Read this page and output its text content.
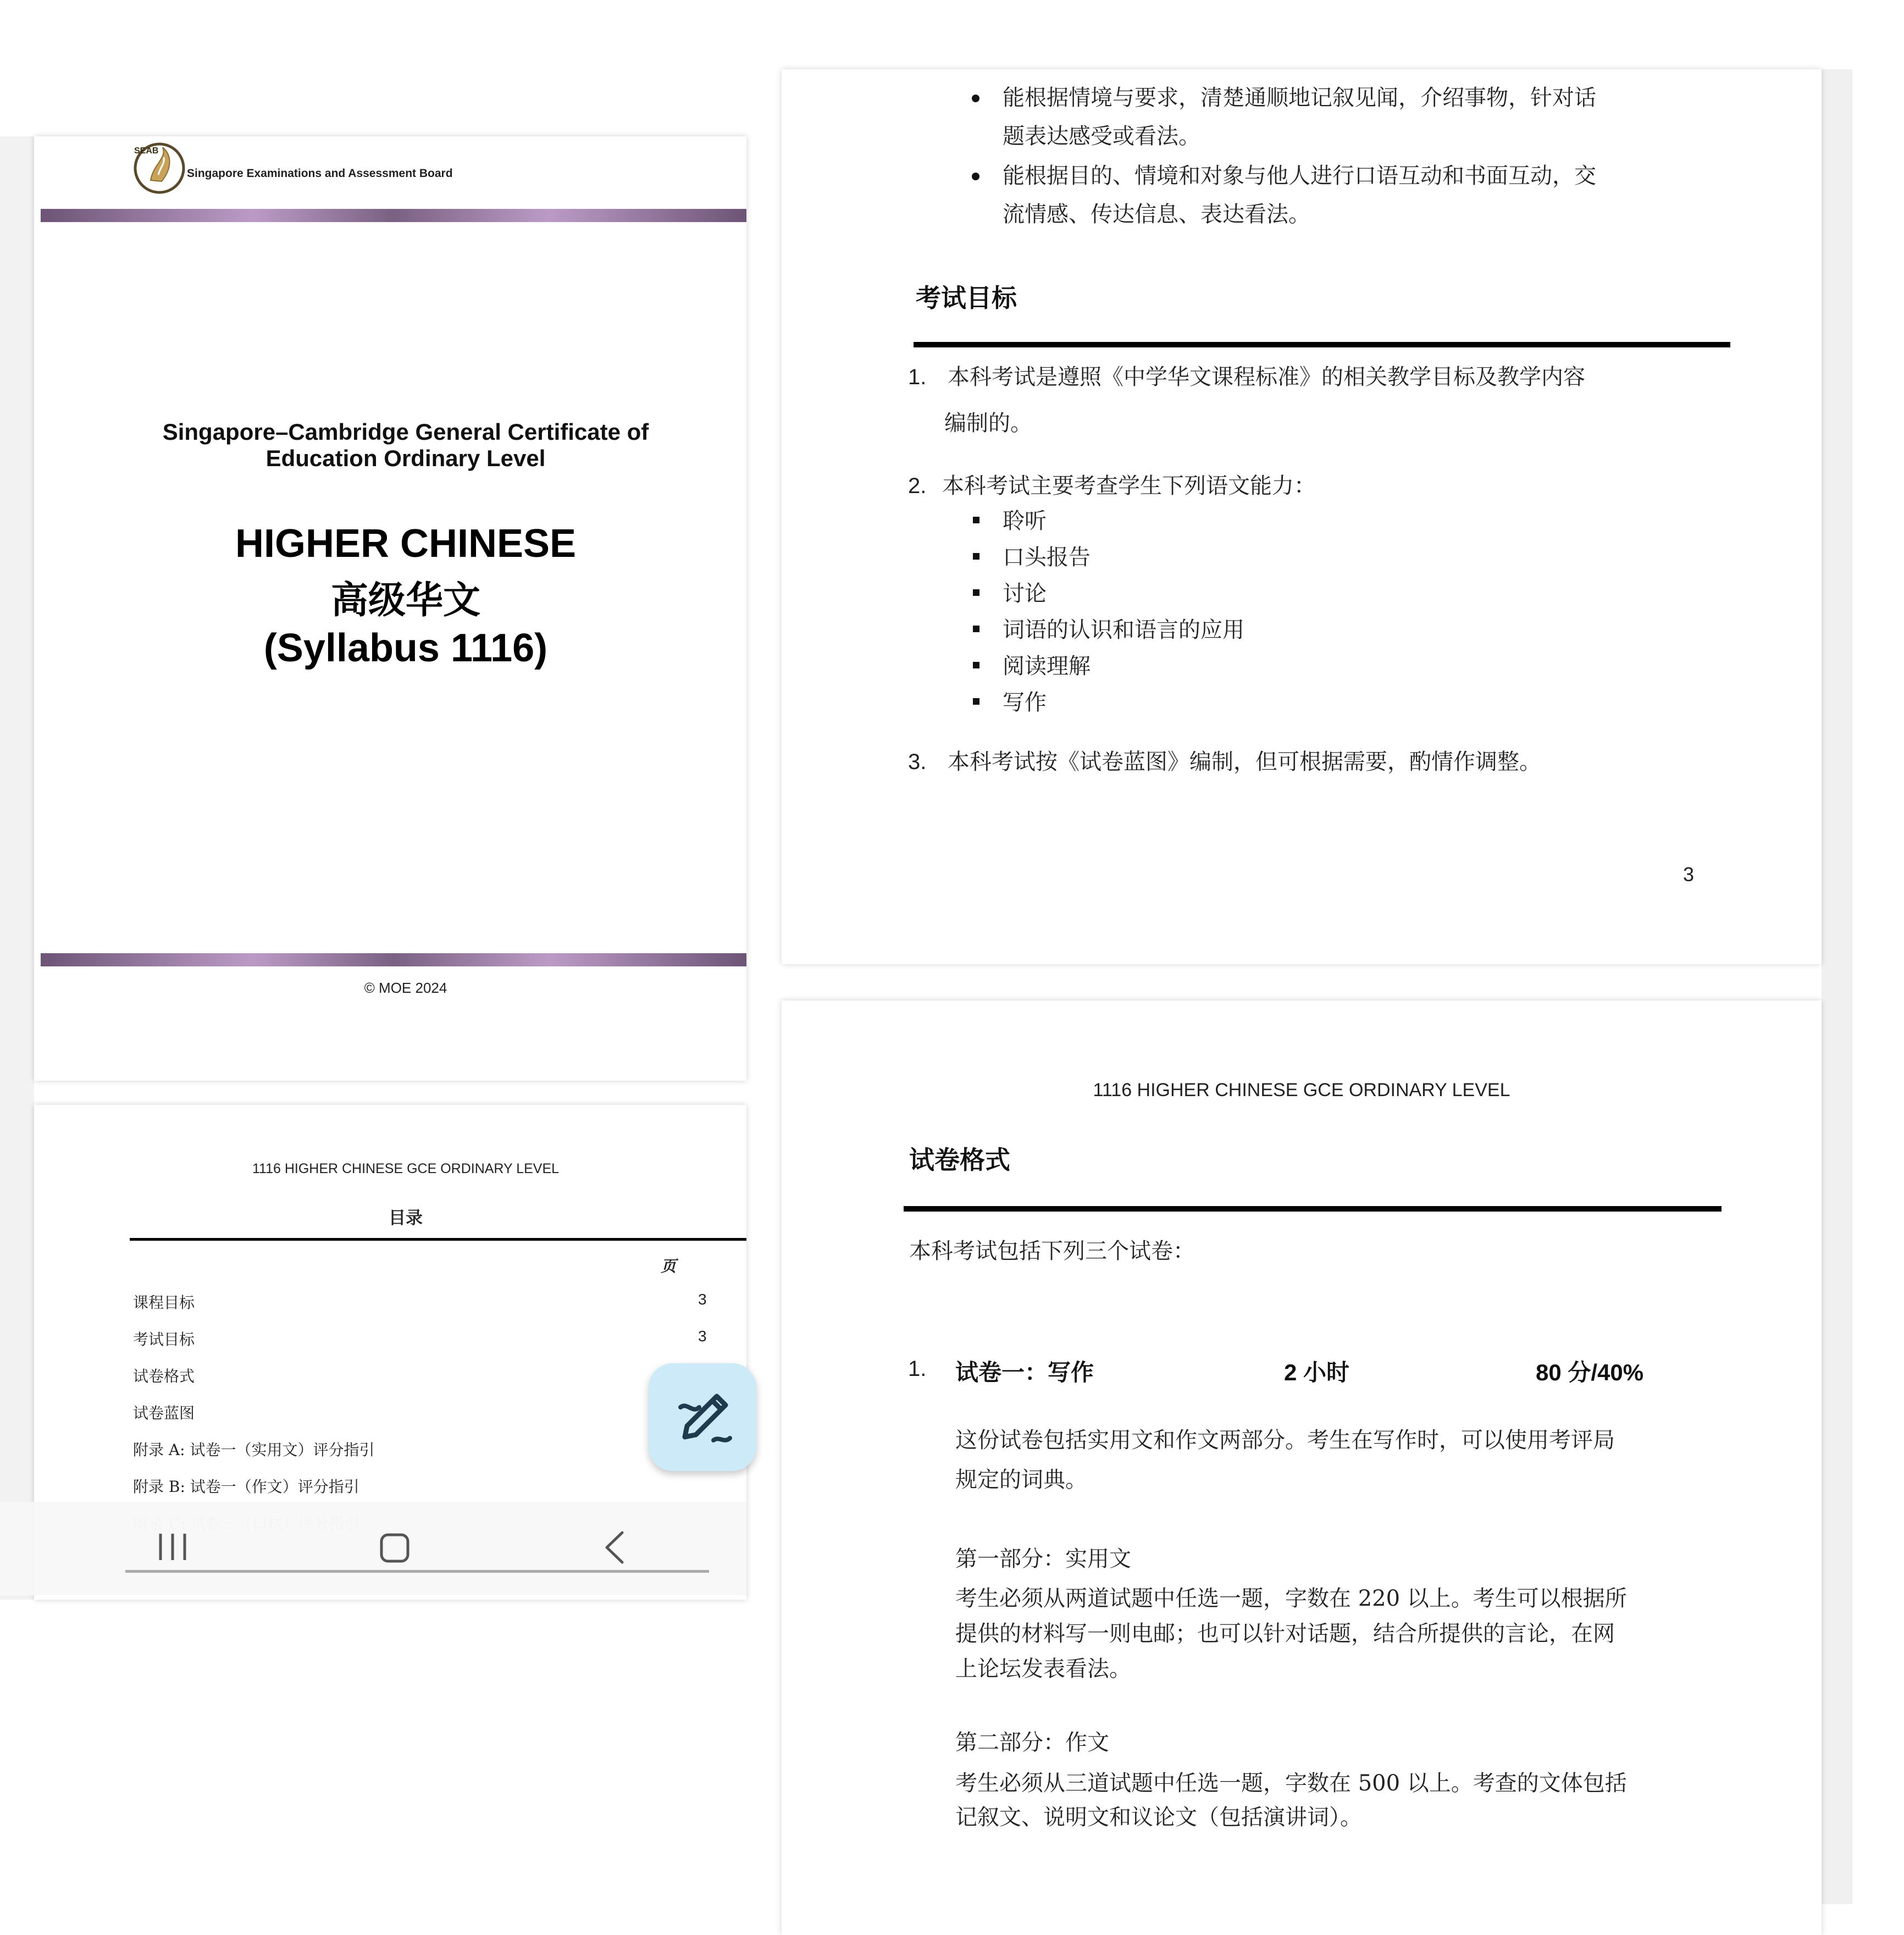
SEAB
Singapore Examinations and Assessment Board
Singapore–Cambridge General Certificate of
Education Ordinary Level
HIGHER CHINESE
高级华文
(Syllabus 1116)
© MOE 2024
1116 HIGHER CHINESE GCE ORDINARY LEVEL
目录
页
课程目标	3
考试目标	3
试卷格式
试卷蓝图
附录 A: 试卷一（实用文）评分指引
附录 B: 试卷一（作文）评分指引
能根据情境与要求，清楚通顺地记叙见闻，介绍事物，针对话
题表达感受或看法。
能根据目的、情境和对象与他人进行口语互动和书面互动，交
流情感、传达信息、表达看法。
考试目标
1. 本科考试是遵照《中学华文课程标准》的相关教学目标及教学内容
编制的。
2. 本科考试主要考查学生下列语文能力：
聆听
口头报告
讨论
词语的认识和语言的应用
阅读理解
写作
3. 本科考试按《试卷蓝图》编制，但可根据需要，酌情作调整。
3
1116 HIGHER CHINESE GCE ORDINARY LEVEL
试卷格式
本科考试包括下列三个试卷：
1. 试卷一：写作	2 小时	80 分/40%
这份试卷包括实用文和作文两部分。考生在写作时，可以使用考评局
规定的词典。
第一部分：实用文
考生必须从两道试题中任选一题，字数在 220 以上。考生可以根据所
提供的材料写一则电邮；也可以针对话题，结合所提供的言论，在网
上论坛发表看法。
第二部分：作文
考生必须从三道试题中任选一题，字数在 500 以上。考查的文体包括
记叙文、说明文和议论文（包括演讲词）。
